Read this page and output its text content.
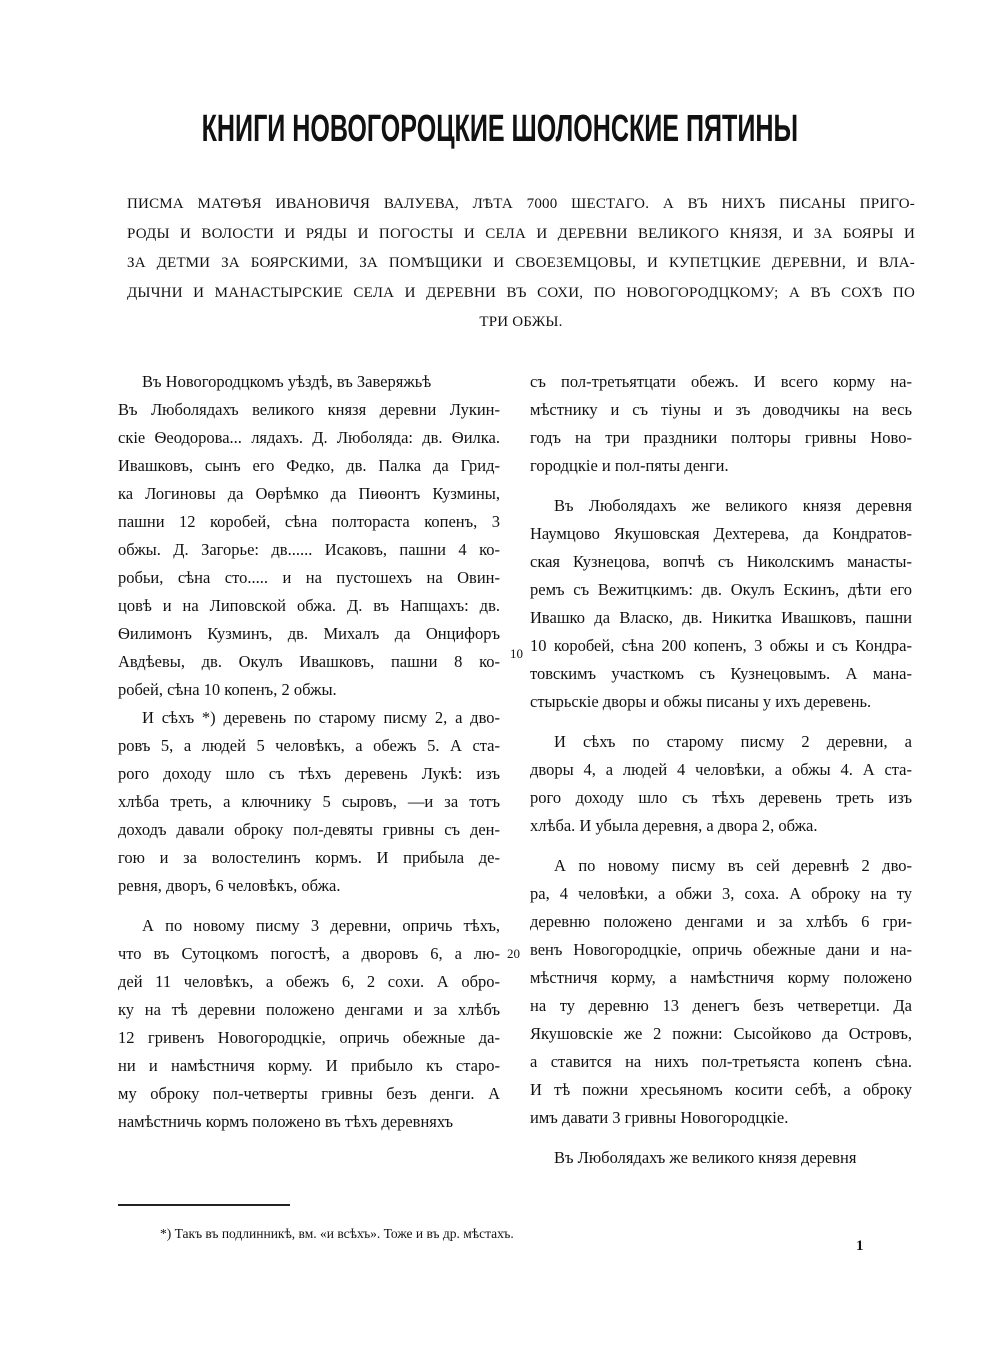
КНИГИ НОВОГОРОЦКИЕ ШОЛОНСКИЕ ПЯТИНЫ
ПИСМА МАТѲѢЯ ИВАНОВИЧЯ ВАЛУЕВА, ЛѢТА 7000 ШЕСТАГО. А ВЪ НИХЪ ПИСАНЫ ПРИГО-
РОДЫ И ВОЛОСТИ И РЯДЫ И ПОГОСТЫ И СЕЛА И ДЕРЕВНИ ВЕЛИКОГО КНЯЗЯ, И ЗА БОЯРЫ И
ЗА ДЕТМИ ЗА БОЯРСКИМИ, ЗА ПОМѢЩИКИ И СВОЕЗЕМЦОВЫ, И КУПЕТЦКИЕ ДЕРЕВНИ, И ВЛА-
ДЫЧНИ И МАНАСТЫРСКИЕ СЕЛА И ДЕРЕВНИ ВЪ СОХИ, ПО НОВОГОРОДЦКОМУ; А ВЪ СОХѢ ПО
ТРИ ОБЖЫ.
Въ Новогородцкомъ уѣздѣ, въ Заверяжьѣ
Въ Люболядахъ великого князя деревни Лукин-
скіе Ѳеодорова... лядахъ. Д. Люболяда: дв. Ѳилка.
Ивашковъ, сынъ его Федко, дв. Палка да Грид-
ка Логиновы да Оѳрѣмко да Пиѳонтъ Кузмины,
пашни 12 коробей, сѣна полтораста копенъ, 3
обжы. Д. Загорье: дв...... Исаковъ, пашни 4 ко-
робьи, сѣна сто..... и на пустошехъ на Овин-
цовѣ и на Липовской обжа. Д. въ Напщахъ: дв.
Ѳилимонъ Кузминъ, дв. Михалъ да Онцифоръ
Авдѣевы, дв. Окулъ Ивашковъ, пашни 8 ко-
робей, сѣна 10 копенъ, 2 обжы.
И сѣхъ *) деревень по старому писму 2, а дво-
ровъ 5, а людей 5 человѣкъ, а обежъ 5. А ста-
рого доходу шло съ тѣхъ деревень Лукѣ: изъ
хлѣба треть, а ключнику 5 сыровъ, —и за тотъ
доходъ давали оброку пол-девяты гривны съ ден-
гою и за волостелинъ кормъ. И прибыла де-
ревня, дворъ, 6 человѣкъ, обжа.
А по новому писму 3 деревни, опричь тѣхъ,
что въ Сутоцкомъ погостѣ, а дворовъ 6, а лю-
дей 11 человѣкъ, а обежъ 6, 2 сохи. А обро-
ку на тѣ деревни положено денгами и за хлѣбъ
12 гривенъ Новогородцкіе, опричь обежные да-
ни и намѣстничя корму. И прибыло къ старо-
му оброку пол-четверты гривны безъ денги. А
намѣстничь кормъ положено въ тѣхъ деревняхъ
съ пол-третьятцати обежъ. И всего корму на-
мѣстнику и съ тіуны и зъ доводчикы на весь
годъ на три праздники полторы гривны Ново-
городцкіе и пол-пяты денги.
Въ Люболядахъ же великого князя деревня
Наумцово Якушовская Дехтерева, да Кондратов-
ская Кузнецова, вопчѣ съ Николскимъ манасты-
ремъ съ Вежитцкимъ: дв. Окулъ Ескинъ, дѣти его
Ивашко да Власко, дв. Никитка Ивашковъ, пашни
10 коробей, сѣна 200 копенъ, 3 обжы и съ Кондра-
товскимъ участкомъ съ Кузнецовымъ. А мана-
стырьскіе дворы и обжы писаны у ихъ деревень.
И сѣхъ по старому писму 2 деревни, а
дворы 4, а людей 4 человѣки, а обжы 4. А ста-
рого доходу шло съ тѣхъ деревень треть изъ
хлѣба. И убыла деревня, а двора 2, обжа.
А по новому писму въ сей деревнѣ 2 дво-
ра, 4 человѣки, а обжи 3, соха. А оброку на ту
деревню положено денгами и за хлѣбъ 6 гри-
венъ Новогородцкіе, опричь обежные дани и на-
мѣстничя корму, а намѣстничя корму положено
на ту деревню 13 денегъ безъ четверетци. Да
Якушовскіе же 2 пожни: Сысойково да Островъ,
а ставится на нихъ пол-третьяста копенъ сѣна.
И тѣ пожни хресьяномъ косити себѣ, а оброку
имъ давати 3 гривны Новогородцкіе.
Въ Люболядахъ же великого князя деревня
10
20
*) Такъ въ подлинникѣ, вм. «и всѣхъ». Тоже и въ др. мѣстахъ.
1
